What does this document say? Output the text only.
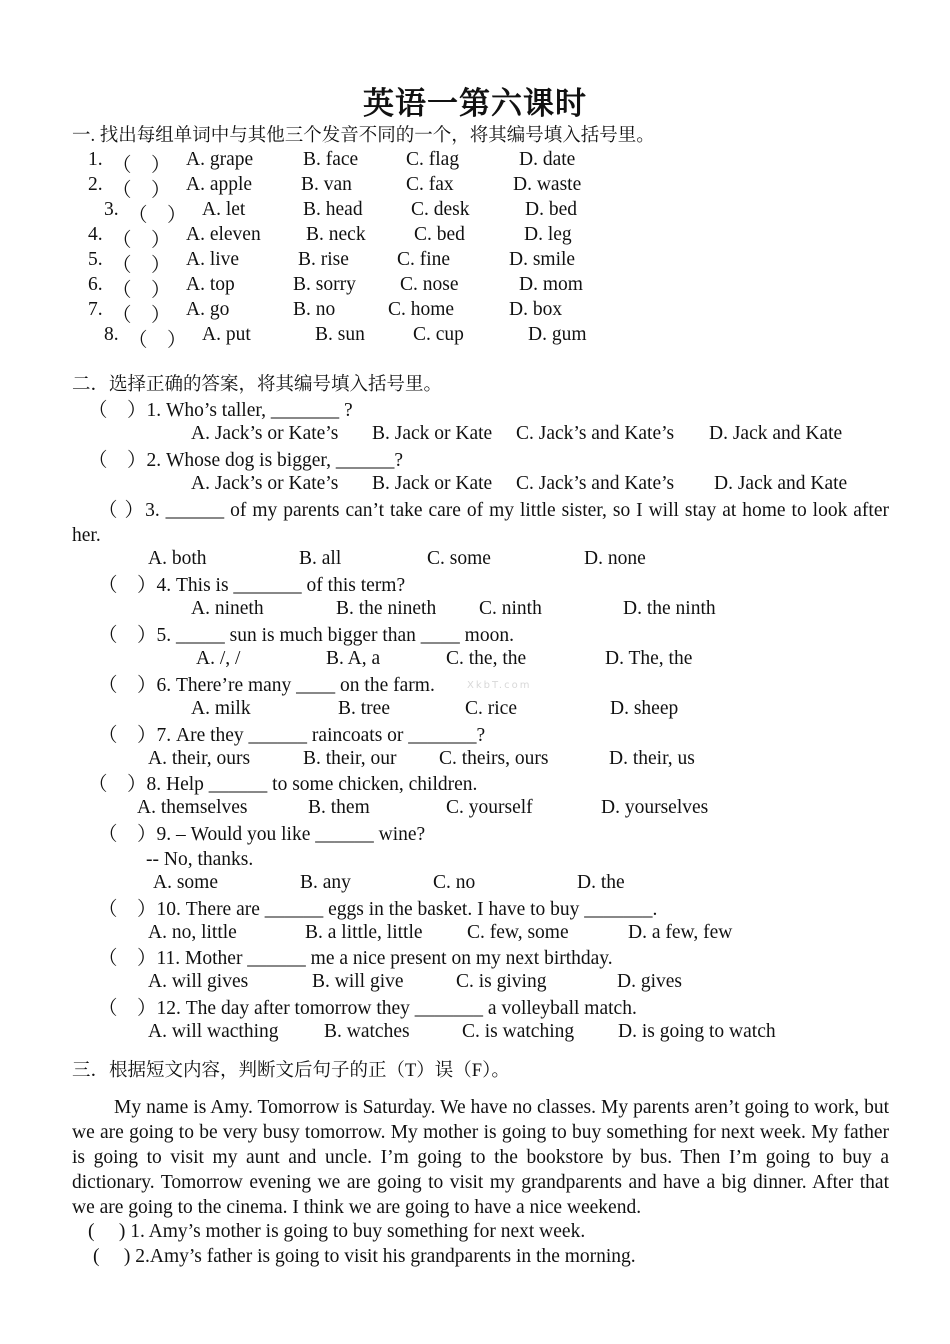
英语一第六课时
一. 找出每组单词中与其他三个发音不同的一个，将其编号填入括号里。
1. （    ） A. grape	B. face C. flag	D. date
2. （    ） A. apple	B. van	C. fax	D. waste
3. （    ） A. let	B. head C. desk	D. bed
4. （    ） A. eleven B. neck C. bed	D. leg
5. （    ） A. live	B. rise C. fine	D. smile
6. （    ） A. top	B. sorry C. nose	D. mom
7. （    ） A. go	B. no	C. home	D. box
8. （    ） A. put	B. sun C. cup	D. gum
二．选择正确的答案，将其编号填入括号里。
（    ）1. Who’s taller, _______ ?
A. Jack’s or Kate’s B. Jack or Kate C. Jack’s and Kate’s D. Jack and Kate
（    ）2. Whose dog is bigger, ______?
A. Jack’s or Kate’s B. Jack or Kate C. Jack’s and Kate’s D. Jack and Kate
（ ）3. ______ of my parents can’t take care of my little sister, so I will stay at home to look after her.
A. both	B. all	C. some	D. none
（    ）4. This is _______ of this term?
A. nineth	B. the nineth C. ninth	D. the ninth
（    ）5. _____ sun is much bigger than ____ moon.
A. /, /	B. A, a	C. the, the	D. The, the
（    ）6. There’re many ____ on the farm.	XkbT.com
A. milk	B. tree	C. rice	D. sheep
（    ）7. Are they ______ raincoats or _______?
A. their, ours	B. their, our C. theirs, ours	D. their, us
（    ）8. Help ______ to some chicken, children.
A. themselves	B. them	C. yourself	D. yourselves
（    ）9. – Would you like ______ wine?
-- No, thanks.
A. some	B. any	C. no	D. the
（    ）10. There are ______ eggs in the basket. I have to buy _______.
A. no, little	B. a little, little C. few, some	D. a few, few
（    ）11. Mother ______ me a nice present on my next birthday.
A. will gives	B. will give	C. is giving	D. gives
（    ）12. The day after tomorrow they _______ a volleyball match.
A. will wacthing B. watches	C. is watching D. is going to watch
三．根据短文内容，判断文后句子的正（T）误（F）。
My name is Amy. Tomorrow is Saturday. We have no classes. My parents aren’t going to work, but we are going to be very busy tomorrow. My mother is going to buy something for next week. My father is going to visit my aunt and uncle. I’m going to the bookstore by bus. Then I’m going to buy a dictionary. Tomorrow evening we are going to visit my grandparents and have a big dinner. After that we are going to the cinema. I think we are going to have a nice weekend.
(     ) 1. Amy’s mother is going to buy something for next week.
(     ) 2.Amy’s father is going to visit his grandparents in the morning.
